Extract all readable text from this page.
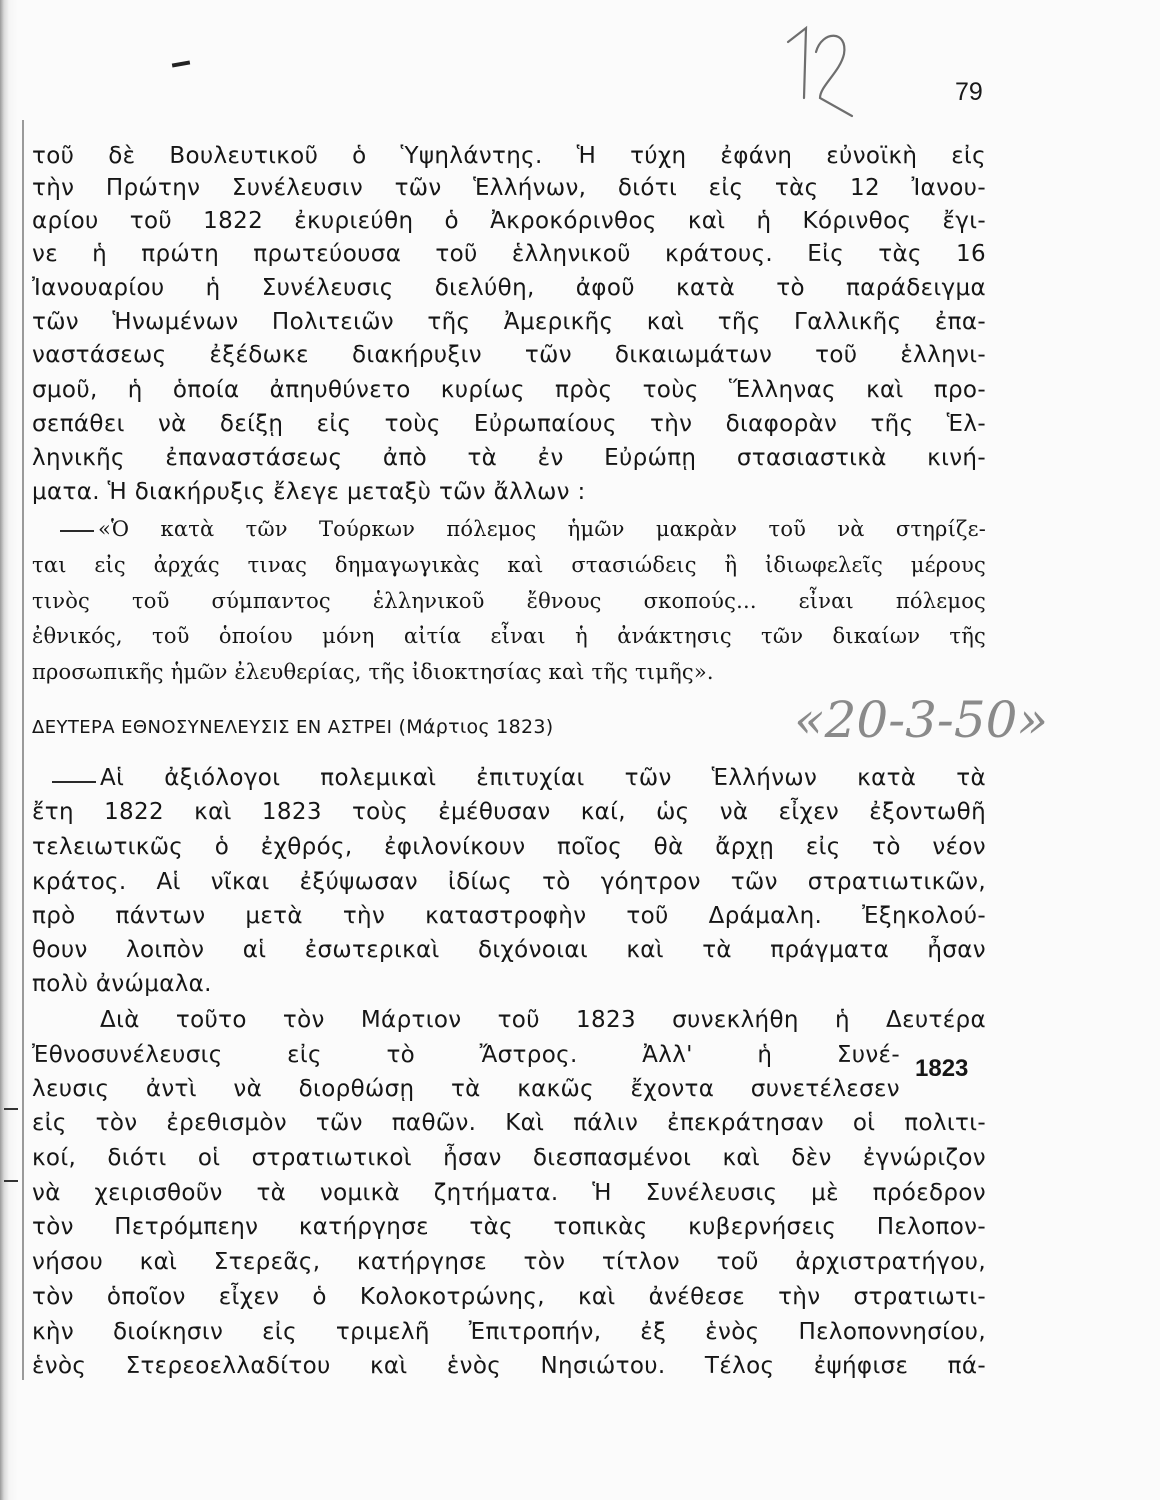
79
τοῦ δὲ Βουλευτικοῦ ὁ Ὑψηλάντης. Ἡ τύχη ἐφάνη εὐνοϊκὴ εἰς
τὴν Πρώτην Συνέλευσιν τῶν Ἑλλήνων, διότι εἰς τὰς 12 Ἰανου-
αρίου τοῦ 1822 ἐκυριεύθη ὁ Ἀκροκόρινθος καὶ ἡ Κόρινθος ἔγι-
νε ἡ πρώτη πρωτεύουσα τοῦ ἑλληνικοῦ κράτους. Εἰς τὰς 16
Ἰανουαρίου ἡ Συνέλευσις διελύθη, ἀφοῦ κατὰ τὸ παράδειγμα
τῶν Ἡνωμένων Πολιτειῶν τῆς Ἀμερικῆς καὶ τῆς Γαλλικῆς ἐπα-
ναστάσεως ἐξέδωκε διακήρυξιν τῶν δικαιωμάτων τοῦ ἑλληνι-
σμοῦ, ἡ ὁποία ἀπηυθύνετο κυρίως πρὸς τοὺς Ἕλληνας καὶ προ-
σεπάθει νὰ δείξῃ εἰς τοὺς Εὐρωπαίους τὴν διαφορὰν τῆς Ἑλ-
ληνικῆς ἐπαναστάσεως ἀπὸ τὰ ἐν Εὐρώπῃ στασιαστικὰ κινή-
ματα. Ἡ διακήρυξις ἔλεγε μεταξὺ τῶν ἄλλων :
«Ὁ κατὰ τῶν Τούρκων πόλεμος ἡμῶν μακρὰν τοῦ νὰ στηρίζε-
ται εἰς ἀρχάς τινας δημαγωγικὰς καὶ στασιώδεις ἢ ἰδιωφελεῖς μέρους
τινὸς τοῦ σύμπαντος ἑλληνικοῦ ἔθνους σκοπούς... εἶναι πόλεμος
ἐθνικός, τοῦ ὁποίου μόνη αἰτία εἶναι ἡ ἀνάκτησις τῶν δικαίων τῆς
προσωπικῆς ἡμῶν ἐλευθερίας, τῆς ἰδιοκτησίας καὶ τῆς τιμῆς».
ΔΕΥΤΕΡΑ ΕΘΝΟΣΥΝΕΛΕΥΣΙΣ ΕΝ ΑΣΤΡΕΙ (Μάρτιος 1823)	«20-3-50»
Αἱ ἀξιόλογοι πολεμικαὶ ἐπιτυχίαι τῶν Ἑλλήνων κατὰ τὰ
ἔτη 1822 καὶ 1823 τοὺς ἐμέθυσαν καί, ὡς νὰ εἶχεν ἐξοντωθῆ
τελειωτικῶς ὁ ἐχθρός, ἐφιλονίκουν ποῖος θὰ ἄρχῃ εἰς τὸ νέον
κράτος. Αἱ νῖκαι ἐξύψωσαν ἰδίως τὸ γόητρον τῶν στρατιωτικῶν,
πρὸ πάντων μετὰ τὴν καταστροφὴν τοῦ Δράμαλη. Ἐξηκολού-
θουν λοιπὸν αἱ ἐσωτερικαὶ διχόνοιαι καὶ τὰ πράγματα ἦσαν
πολὺ ἀνώμαλα.
Διὰ τοῦτο τὸν Μάρτιον τοῦ 1823 συνεκλήθη ἡ Δευτέρα
Ἐθνοσυνέλευσις εἰς τὸ Ἄστρος. Ἀλλ' ἡ Συνέ-
λευσις ἀντὶ νὰ διορθώσῃ τὰ κακῶς ἔχοντα συνετέλεσεν
εἰς τὸν ἐρεθισμὸν τῶν παθῶν. Καὶ πάλιν ἐπεκράτησαν οἱ πολιτι-
κοί, διότι οἱ στρατιωτικοὶ ἦσαν διεσπασμένοι καὶ δὲν ἐγνώριζον
νὰ χειρισθοῦν τὰ νομικὰ ζητήματα. Ἡ Συνέλευσις μὲ πρόεδρον
τὸν Πετρόμπεην κατήργησε τὰς τοπικὰς κυβερνήσεις Πελοπον-
νήσου καὶ Στερεᾶς, κατήργησε τὸν τίτλον τοῦ ἀρχιστρατήγου,
τὸν ὁποῖον εἶχεν ὁ Κολοκοτρώνης, καὶ ἀνέθεσε τὴν στρατιωτι-
κὴν διοίκησιν εἰς τριμελῆ Ἐπιτροπήν, ἐξ ἑνὸς Πελοποννησίου,
ἑνὸς Στερεοελλαδίτου καὶ ἑνὸς Νησιώτου. Τέλος ἐψήφισε πά-
1823
